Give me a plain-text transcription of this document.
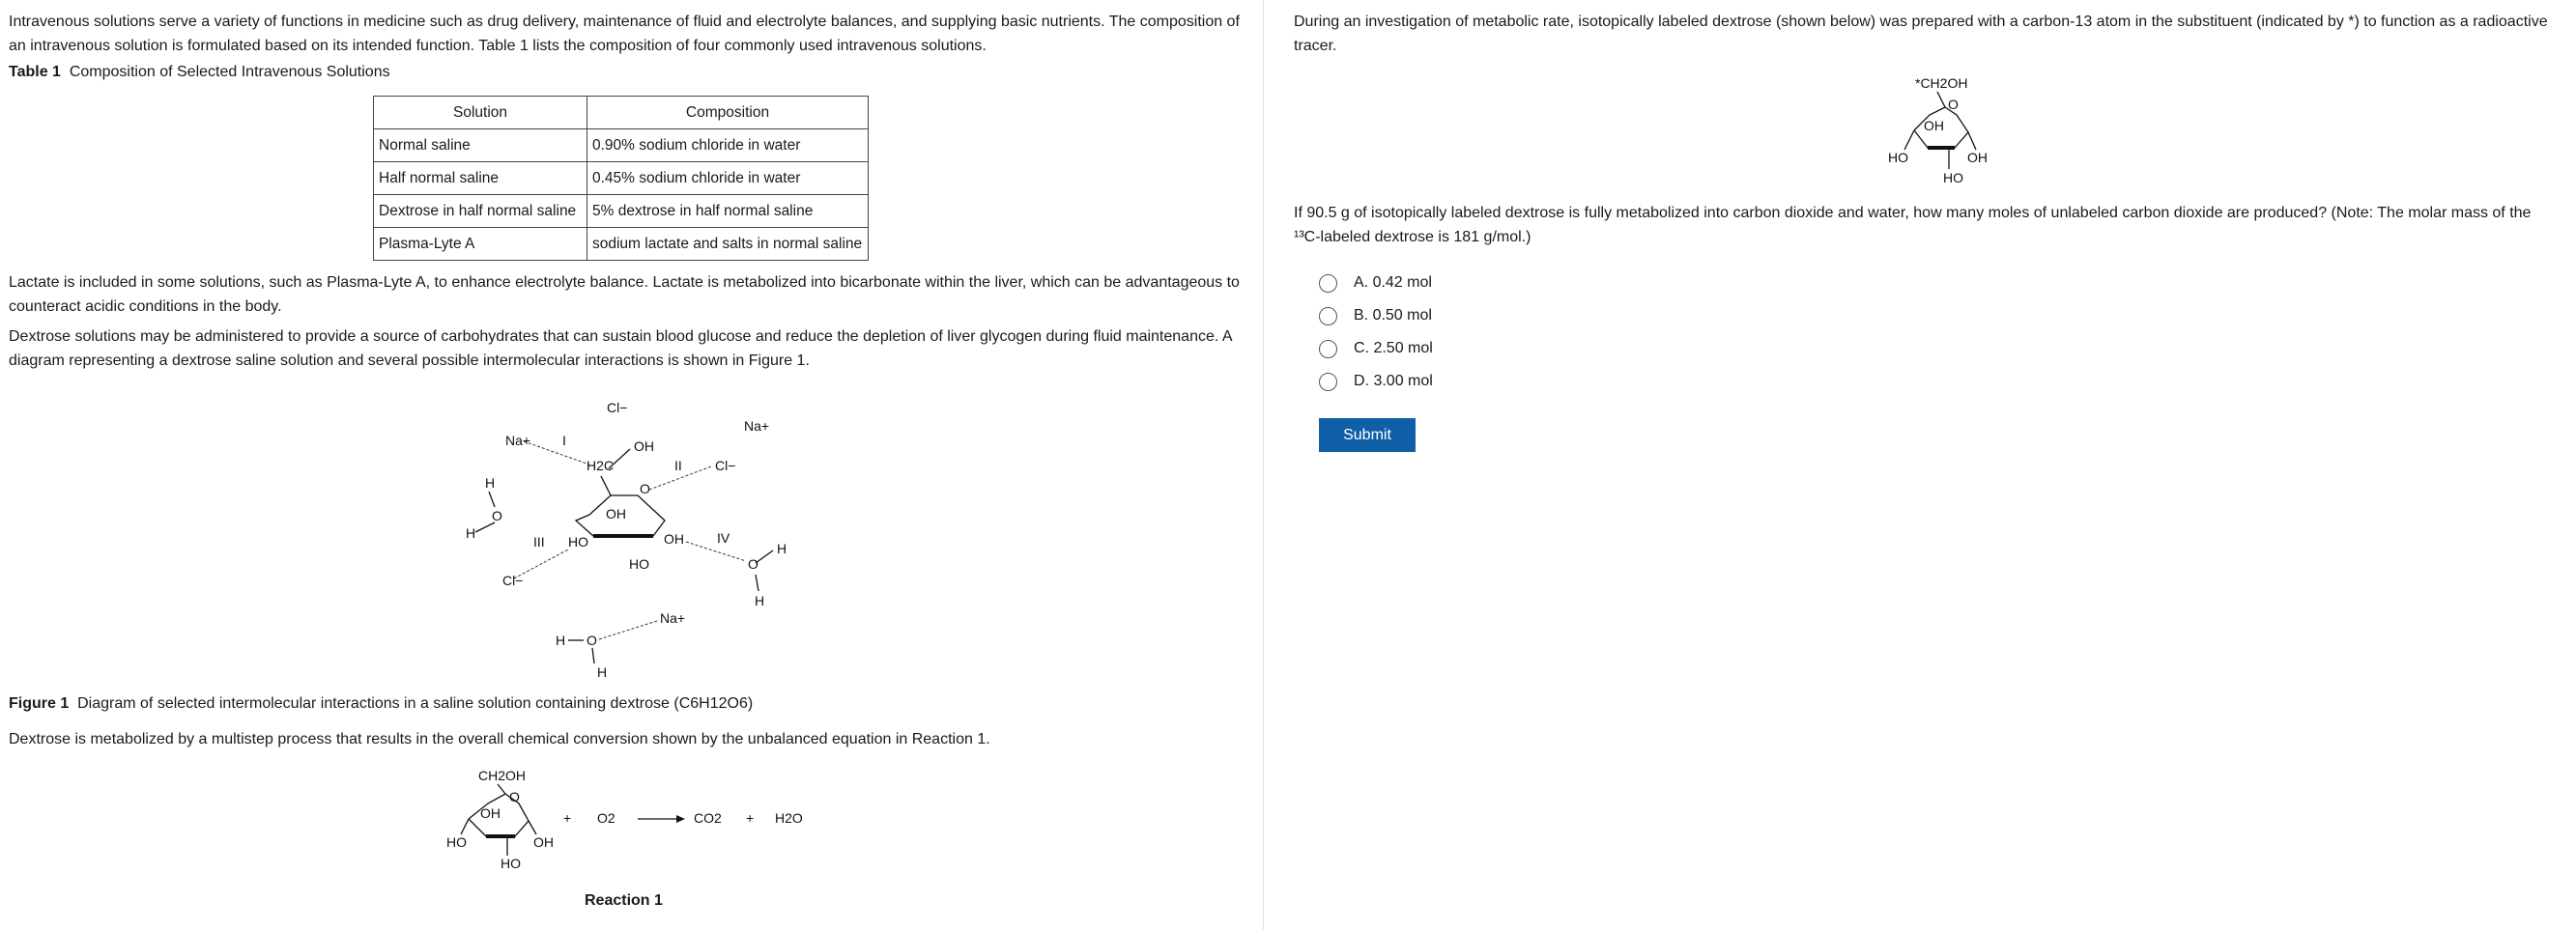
Intravenous solutions serve a variety of functions in medicine such as drug delivery, maintenance of fluid and electrolyte balances, and supplying basic nutrients. The composition of an intravenous solution is formulated based on its intended function. Table 1 lists the composition of four commonly used intravenous solutions.

Table 1 Composition of Selected Intravenous Solutions
Solution	Composition
Normal saline	0.90% sodium chloride in water
Half normal saline	0.45% sodium chloride in water
Dextrose in half normal saline	5% dextrose in half normal saline
Plasma-Lyte A	sodium lactate and salts in normal saline

Lactate is included in some solutions, such as Plasma-Lyte A, to enhance electrolyte balance. Lactate is metabolized into bicarbonate within the liver, which can be advantageous to counteract acidic conditions in the body.

Dextrose solutions may be administered to provide a source of carbohydrates that can sustain blood glucose and reduce the depletion of liver glycogen during fluid maintenance. A diagram representing a dextrose saline solution and several possible intermolecular interactions is shown in Figure 1.

Na+ I
Cl−
Na+
OH
H2C	II Cl−
O
H
O
H
OH
III HO	OH IV
H
HO	O
Cl−
H
Na+
H O
H
Figure 1 Diagram of selected intermolecular interactions in a saline solution containing dextrose (C6H12O6)

Dextrose is metabolized by a multistep process that results in the overall chemical conversion shown by the unbalanced equation in Reaction 1.

CH2OH
O
OH
HO	OH
HO
+ O2	CO2 + H2O
Reaction 1

During an investigation of metabolic rate, isotopically labeled dextrose (shown below) was prepared with a carbon-13 atom in the substituent (indicated by *) to function as a radioactive tracer.

*CH2OH
O
OH
HO	OH
HO

If 90.5 g of isotopically labeled dextrose is fully metabolized into carbon dioxide and water, how many moles of unlabeled carbon dioxide are produced? (Note: The molar mass of the ¹³C-labeled dextrose is 181 g/mol.)

A. 0.42 mol
B. 0.50 mol
C. 2.50 mol
D. 3.00 mol
Submit
